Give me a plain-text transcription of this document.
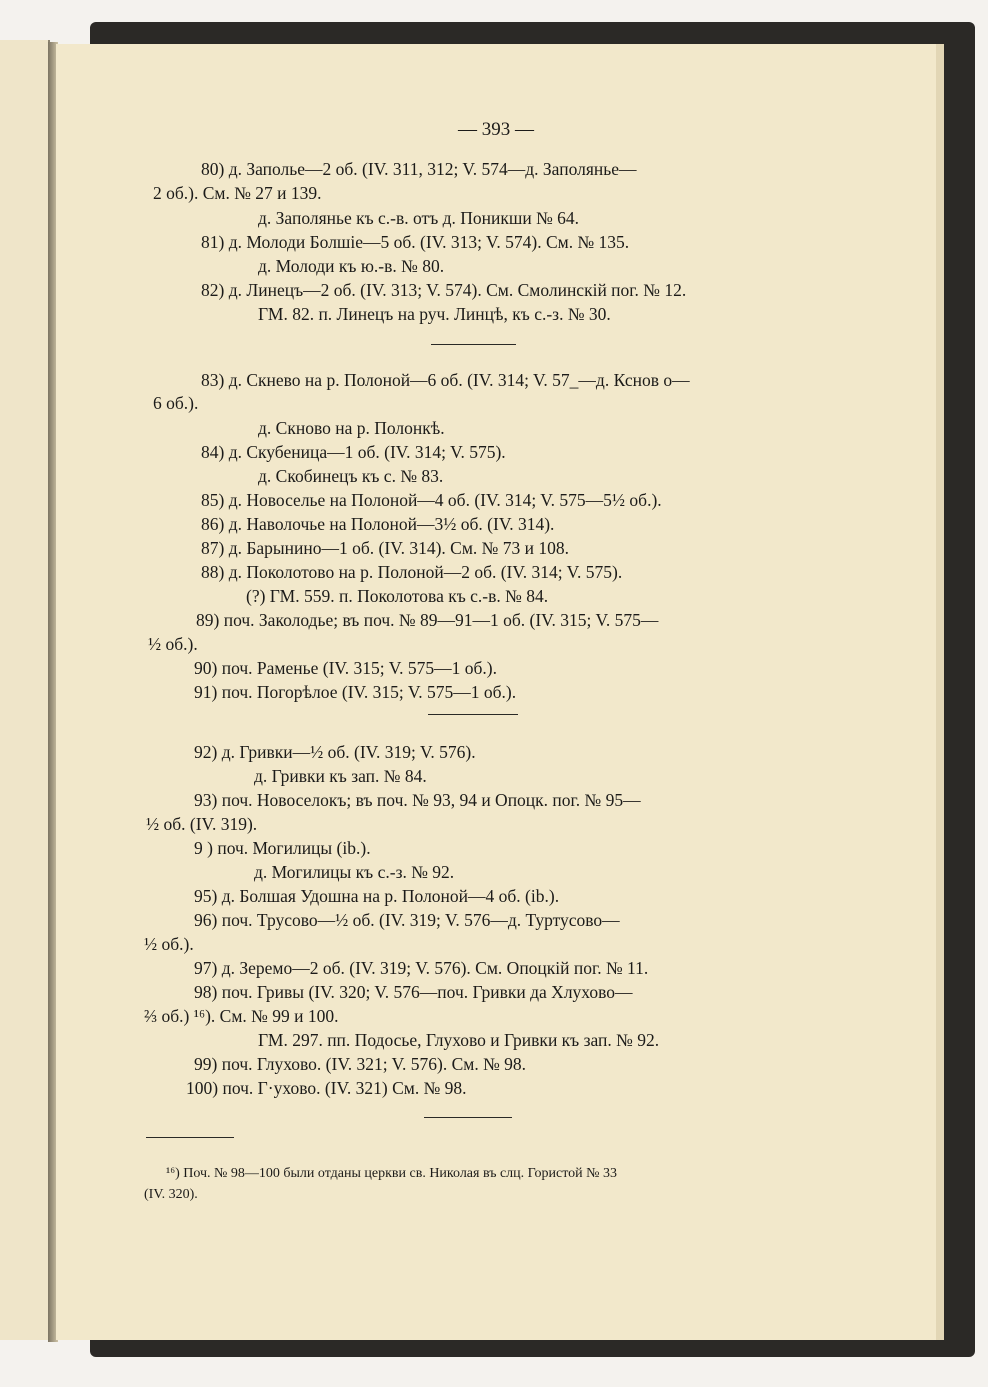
— 393 —
80) д. Заполье—2 об. (IV. 311, 312; V. 574—д. Заполянье—
2 об.). См. № 27 и 139.
д. Заполянье къ с.-в. отъ д. Поникши № 64.
81) д. Молоди Болшіе—5 об. (IV. 313; V. 574). См. № 135.
д. Молоди къ ю.-в. № 80.
82) д. Линецъ—2 об. (IV. 313; V. 574). См. Смолинскій пог. № 12.
ГМ. 82. п. Линецъ на руч. Линцѣ, къ с.-з. № 30.
83) д. Скнево на р. Полоной—6 об. (IV. 314; V. 57_—д. Кснов о—
6 об.).
д. Скново на р. Полонкѣ.
84) д. Скубеница—1 об. (IV. 314; V. 575).
д. Скобинецъ къ с. № 83.
85) д. Новоселье на Полоной—4 об. (IV. 314; V. 575—5½ об.).
86) д. Наволочье на Полоной—3½ об. (IV. 314).
87) д. Барынино—1 об. (IV. 314). См. № 73 и 108.
88) д. Поколотово на р. Полоной—2 об. (IV. 314; V. 575).
(?) ГМ. 559. п. Поколотова къ с.-в. № 84.
89) поч. Заколодье; въ поч. № 89—91—1 об. (IV. 315; V. 575—
½ об.).
90) поч. Раменье (IV. 315; V. 575—1 об.).
91) поч. Погорѣлое (IV. 315; V. 575—1 об.).
92) д. Гривки—½ об. (IV. 319; V. 576).
д. Гривки къ зап. № 84.
93) поч. Новоселокъ; въ поч. № 93, 94 и Опоцк. пог. № 95—
½ об. (IV. 319).
9 ) поч. Могилицы (ib.).
д. Могилицы къ с.-з. № 92.
95) д. Болшая Удошна на р. Полоной—4 об. (ib.).
96) поч. Трусово—½ об. (IV. 319; V. 576—д. Туртусово—
½ об.).
97) д. Зеремо—2 об. (IV. 319; V. 576). См. Опоцкій пог. № 11.
98) поч. Гривы (IV. 320; V. 576—поч. Гривки да Хлухово—
⅔ об.) ¹⁶). См. № 99 и 100.
ГМ. 297. пп. Подосье, Глухово и Гривки къ зап. № 92.
99) поч. Глухово. (IV. 321; V. 576). См. № 98.
100) поч. Г·ухово. (IV. 321) См. № 98.
¹⁶) Поч. № 98—100 были отданы церкви св. Николая въ слц. Гористой № 33
(IV. 320).
